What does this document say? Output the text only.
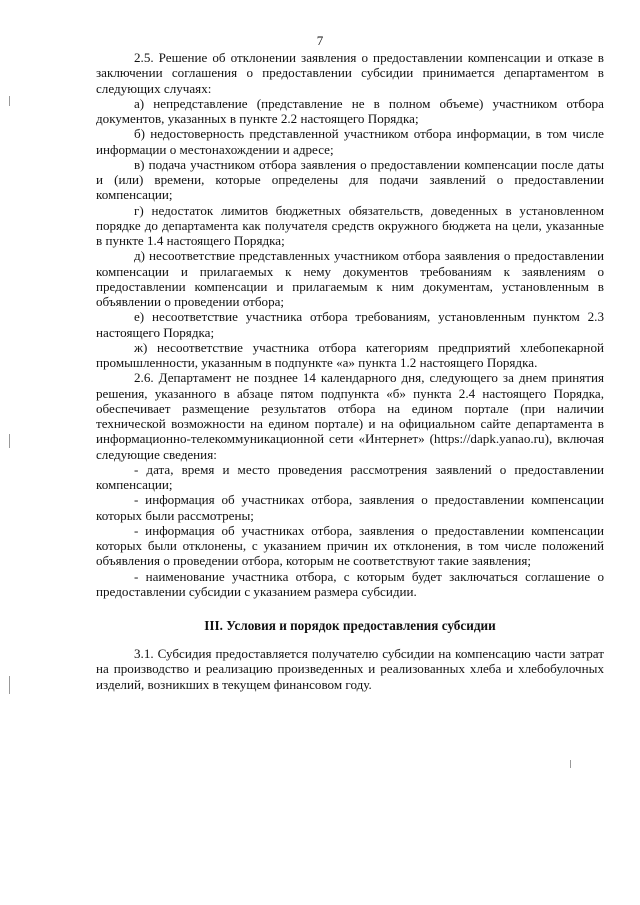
7

2.5. Решение об отклонении заявления о предоставлении компенсации и отказе в заключении соглашения о предоставлении субсидии принимается департаментом в следующих случаях:

а) непредставление (представление не в полном объеме) участником отбора документов, указанных в пункте 2.2 настоящего Порядка;

б) недостоверность представленной участником отбора информации, в том числе информации о местонахождении и адресе;

в) подача участником отбора заявления о предоставлении компенсации после даты и (или) времени, которые определены для подачи заявлений о предоставлении компенсации;

г) недостаток лимитов бюджетных обязательств, доведенных в установленном порядке до департамента как получателя средств окружного бюджета на цели, указанные в пункте 1.4 настоящего Порядка;

д) несоответствие представленных участником отбора заявления о предоставлении компенсации и прилагаемых к нему документов требованиям к заявлениям о предоставлении компенсации и прилагаемым к ним документам, установленным в объявлении о проведении отбора;

е) несоответствие участника отбора требованиям, установленным пунктом 2.3 настоящего Порядка;

ж) несоответствие участника отбора категориям предприятий хлебопекарной промышленности, указанным в подпункте «а» пункта 1.2 настоящего Порядка.

2.6. Департамент не позднее 14 календарного дня, следующего за днем принятия решения, указанного в абзаце пятом подпункта «б» пункта 2.4 настоящего Порядка, обеспечивает размещение результатов отбора на едином портале (при наличии технической возможности на едином портале) и на официальном сайте департамента в информационно-телекоммуникационной сети «Интернет» (https://dapk.yanao.ru), включая следующие сведения:

- дата, время и место проведения рассмотрения заявлений о предоставлении компенсации;

- информация об участниках отбора, заявления о предоставлении компенсации которых были рассмотрены;

- информация об участниках отбора, заявления о предоставлении компенсации которых были отклонены, с указанием причин их отклонения, в том числе положений объявления о проведении отбора, которым не соответствуют такие заявления;

- наименование участника отбора, с которым будет заключаться соглашение о предоставлении субсидии с указанием размера субсидии.

III. Условия и порядок предоставления субсидии

3.1. Субсидия предоставляется получателю субсидии на компенсацию части затрат на производство и реализацию произведенных и реализованных хлеба и хлебобулочных изделий, возникших в текущем финансовом году.
